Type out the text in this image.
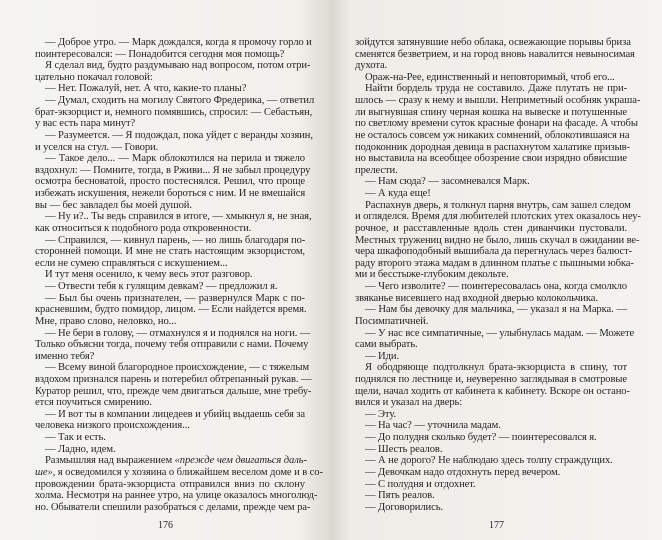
— Доброе утро. — Марк дождался, когда я промочу горло и
поинтересовался: — Понадобится сегодня моя помощь?
Я сделал вид, будто раздумываю над вопросом, потом отри-
цательно покачал головой:
— Нет. Пожалуй, нет. А что, какие-то планы?
— Думал, сходить на могилу Святого Фредерика, — ответил
брат-экзорцист и, немного помявшись, спросил: — Себастьян,
у вас есть пара минут?
— Разумеется. — Я подождал, пока уйдет с веранды хозяин,
и уселся на стул. — Говори.
— Такое дело... — Марк облокотился на перила и тяжело
вздохнул: — Помните, тогда, в Рживи... Я не забыл процедуру
осмотра бесноватой, просто постеснялся. Решил, что проще
избежать искушения, нежели бороться с ним. И не вмешайся
вы — бес завладел бы моей душой.
— Ну и?.. Ты ведь справился в итоге, — хмыкнул я, не зная,
как относиться к подобного рода откровенности.
— Справился, — кивнул парень, — но лишь благодаря по-
сторонней помощи. И мне не стать настоящим экзорцистом,
если не сумею справляться с искушением...
И тут меня осенило, к чему весь этот разговор.
— Отвести тебя к гулящим девкам? — предложил я.
— Был бы очень признателен, — развернулся Марк с по-
красневшим, будто помидор, лицом. — Если найдется время.
Мне, право слово, неловко, но...
— Не бери в голову, — отмахнулся я и поднялся на ноги. —
Только объясни тогда, почему тебя отправили с нами. Почему
именно тебя?
— Всему виной благородное происхождение, — с тяжелым
вздохом признался парень и потеребил обтрепанный рукав. —
Куратор решил, что, прежде чем двигаться дальше, мне требу-
ется поучиться смирению.
— И вот ты в компании лицедеев и убийц выдаешь себя за
человека низкого происхождения...
— Так и есть.
— Ладно, идем.
Размышляя над выражением «прежде чем двигаться даль-
ше», я осведомился у хозяина о ближайшем веселом доме и в со-
провождении брата-экзорциста отправился вниз по склону
холма. Несмотря на раннее утро, на улице оказалось многолюд-
но. Обыватели спешили разобраться с делами, прежде чем ра-
176
зойдутся затянувшие небо облака, освежающие порывы бриза
сменятся безветрием, и на город вновь навалится невыносимая
духота.
Ораж-на-Рее, единственный и неповторимый, чтоб его...
Найти бордель труда не составило. Даже плутать не при-
шлось — сразу к нему и вышли. Неприметный особняк украша-
ли выгнувшая спину черная кошка на вывеске и потушенные
по светлому времени суток красные фонари на фасаде. А чтобы
не осталось совсем уж никаких сомнений, облокотившаяся на
подоконник дородная девица в распахнутом халатике призыв-
но выставила на всеобщее обозрение свои изрядно обвисшие
прелести.
— Нам сюда? — засомневался Марк.
— А куда еще!
Распахнув дверь, я толкнул парня внутрь, сам зашел следом
и огляделся. Время для любителей плотских утех оказалось неу-
рочное, и расставленные вдоль стен диванчики пустовали.
Местных тружениц видно не было, лишь скучал в ожидании ве-
чера шкафоподобный вышибала да перегнулась через балюст-
раду второго этажа мадам в длинном платье с пышными юбка-
ми и бесстыже-глубоким декольте.
— Чего изволите? — поинтересовалась она, когда смолкло
звяканье висевшего над входной дверью колокольчика.
— Нам бы девочку для мальчика, — указал я на Марка. —
Посимпатичней.
— У нас все симпатичные, — улыбнулась мадам. — Можете
сами выбрать.
— Иди.
Я ободряюще подтолкнул брата-экзорциста в спину, тот
поднялся по лестнице и, неуверенно заглядывая в смотровые
щели, начал ходить от кабинета к кабинету. Вскоре он остано-
вился и указал на дверь:
— Эту.
— На час? — уточнила мадам.
— До полудня сколько будет? — поинтересовался я.
— Шесть реалов.
— А не дорого? Не наблюдаю здесь толпу страждущих.
— Девочкам надо отдохнуть перед вечером.
— С полудня и отдохнет.
— Пять реалов.
— Договорились.
177
